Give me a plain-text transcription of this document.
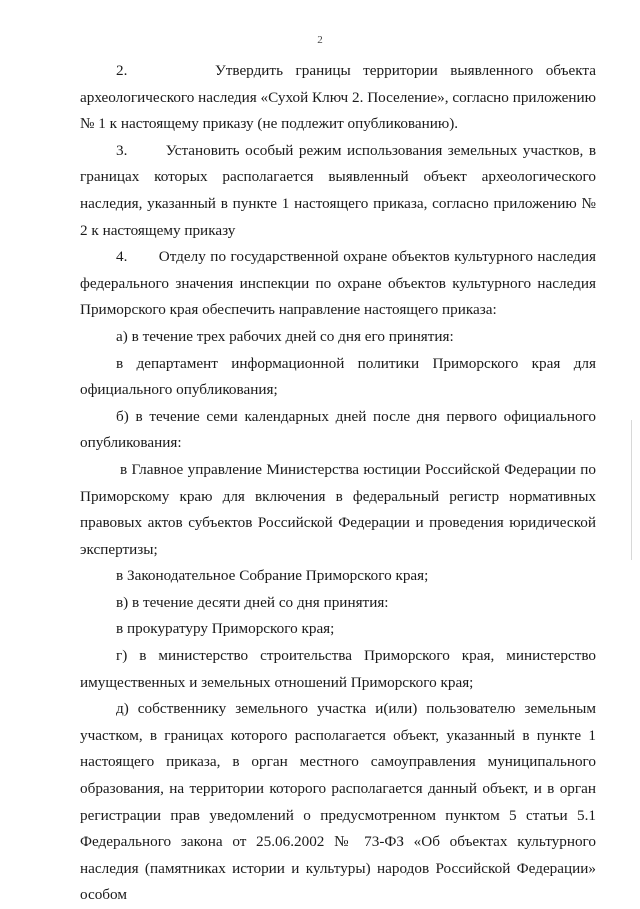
2

2.       Утвердить границы территории выявленного объекта археологического наследия «Сухой Ключ 2. Поселение», согласно приложению № 1 к настоящему приказу (не подлежит опубликованию).

3.       Установить особый режим использования земельных участков, в границах которых располагается выявленный объект археологического наследия, указанный в пункте 1 настоящего приказа, согласно приложению № 2 к настоящему приказу

4.       Отделу по государственной охране объектов культурного наследия федерального значения инспекции по охране объектов культурного наследия Приморского края обеспечить направление настоящего приказа:

а) в течение трех рабочих дней со дня его принятия:

в департамент информационной политики Приморского края для официального опубликования;

б) в течение семи календарных дней после дня первого официального опубликования:

в Главное управление Министерства юстиции Российской Федерации по Приморскому краю для включения в федеральный регистр нормативных правовых актов субъектов Российской Федерации и проведения юридической экспертизы;

в Законодательное Собрание Приморского края;

в) в течение десяти дней со дня принятия:

в прокуратуру Приморского края;

г) в министерство строительства Приморского края, министерство имущественных и земельных отношений Приморского края;

д) собственнику земельного участка и(или) пользователю земельным участком, в границах которого располагается объект, указанный в пункте 1 настоящего приказа, в орган местного самоуправления муниципального образования, на территории которого располагается данный объект, и в орган регистрации прав уведомлений о предусмотренном пунктом 5 статьи 5.1 Федерального закона от 25.06.2002 № 73-ФЗ «Об объектах культурного наследия (памятниках истории и культуры) народов Российской Федерации» особом
